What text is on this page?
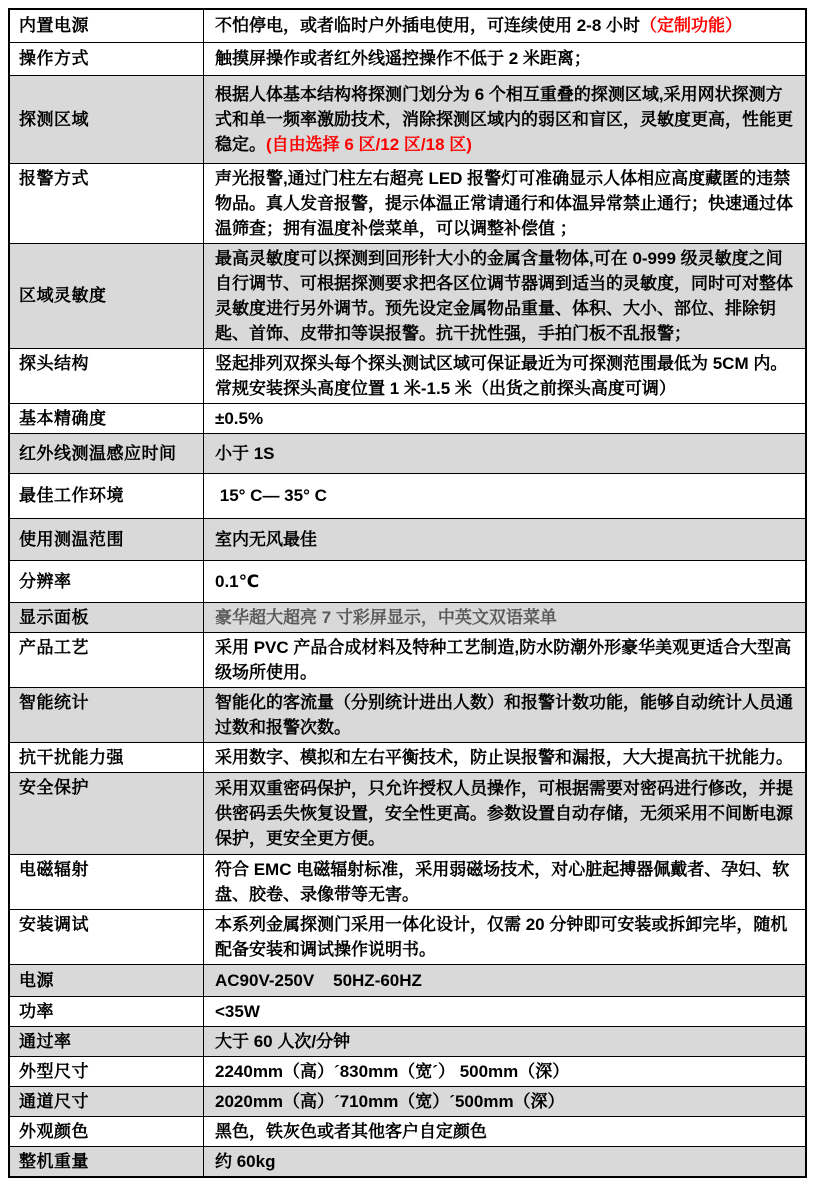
内置电源	不怕停电，或者临时户外插电使用，可连续使用 2-8 小时（定制功能）
操作方式	触摸屏操作或者红外线遥控操作不低于 2 米距离；
探测区域	根据人体基本结构将探测门划分为 6 个相互重叠的探测区域,采用网状探测方式和单一频率激励技术，消除探测区域内的弱区和盲区，灵敏度更高，性能更稳定。(自由选择 6 区/12 区/18 区)
报警方式	声光报警,通过门柱左右超亮 LED 报警灯可准确显示人体相应高度藏匿的违禁物品。真人发音报警，提示体温正常请通行和体温异常禁止通行；快速通过体温筛查；拥有温度补偿菜单，可以调整补偿值 ；
区域灵敏度	最高灵敏度可以探测到回形针大小的金属含量物体,可在 0-999 级灵敏度之间自行调节、可根据探测要求把各区位调节器调到适当的灵敏度，同时可对整体灵敏度进行另外调节。预先设定金属物品重量、体积、大小、部位、排除钥匙、首饰、皮带扣等误报警。抗干扰性强，手拍门板不乱报警；
探头结构	竖起排列双探头每个探头测试区域可保证最近为可探测范围最低为 5CM 内。常规安装探头高度位置 1 米-1.5 米（出货之前探头高度可调）
基本精确度	±0.5%
红外线测温感应时间	小于 1S
最佳工作环境	15° C— 35° C
使用测温范围	室内无风最佳
分辨率	0.1℃
显示面板	豪华超大超亮 7 寸彩屏显示，中英文双语菜单
产品工艺	采用 PVC 产品合成材料及特种工艺制造,防水防潮外形豪华美观更适合大型高级场所使用。
智能统计	智能化的客流量（分别统计进出人数）和报警计数功能，能够自动统计人员通过数和报警次数。
抗干扰能力强	采用数字、模拟和左右平衡技术，防止误报警和漏报，大大提高抗干扰能力。
安全保护	采用双重密码保护，只允许授权人员操作，可根据需要对密码进行修改，并提供密码丢失恢复设置，安全性更高。参数设置自动存储，无须采用不间断电源保护，更安全更方便。
电磁辐射	符合 EMC 电磁辐射标准，采用弱磁场技术，对心脏起搏器佩戴者、孕妇、软盘、胶卷、录像带等无害。
安装调试	本系列金属探测门采用一体化设计，仅需 20 分钟即可安装或拆卸完毕，随机配备安装和调试操作说明书。
电源	AC90V-250V    50HZ-60HZ
功率	<35W
通过率	大于 60 人次/分钟
外型尺寸	2240mm（高）´830mm（宽´） 500mm（深）
通道尺寸	2020mm（高）´710mm（宽）´500mm（深）
外观颜色	黑色，铁灰色或者其他客户自定颜色
整机重量	约 60kg
